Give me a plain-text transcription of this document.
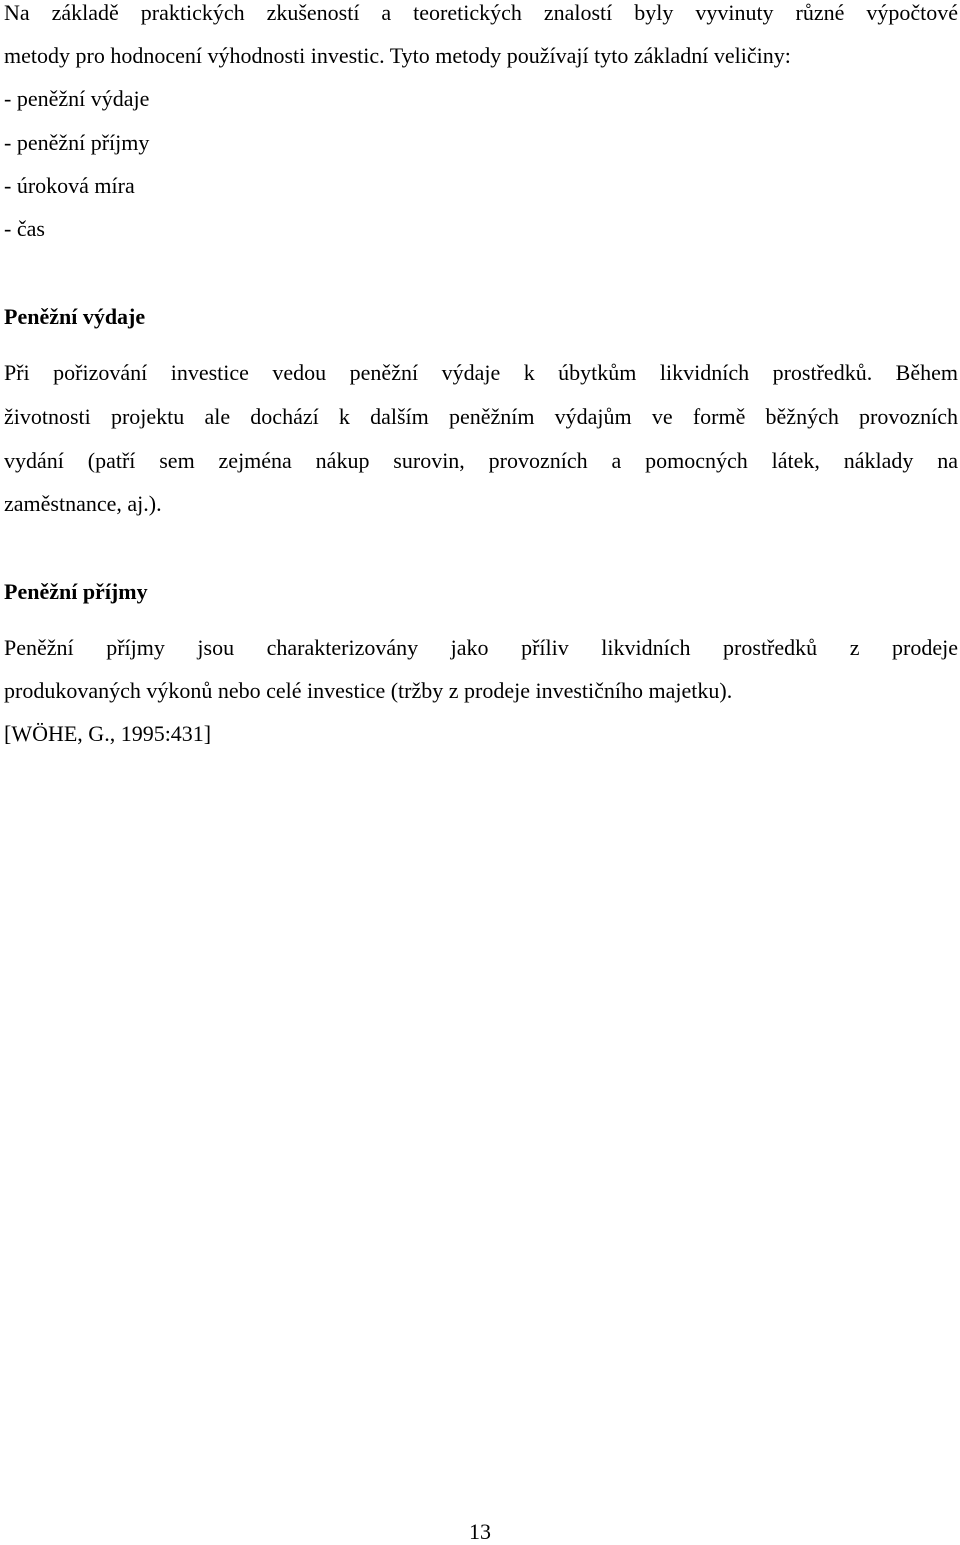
Na základě praktických zkušeností a teoretických znalostí byly vyvinuty různé výpočtové
metody pro hodnocení výhodnosti investic. Tyto metody používají tyto základní veličiny:
- peněžní výdaje
- peněžní příjmy
- úroková míra
- čas
Peněžní výdaje
Při pořizování investice vedou peněžní výdaje k úbytkům likvidních prostředků. Během
životnosti projektu ale dochází k dalším peněžním výdajům ve formě běžných provozních
vydání (patří sem zejména nákup surovin, provozních a pomocných látek, náklady na
zaměstnance, aj.).
Peněžní příjmy
Peněžní příjmy jsou charakterizovány jako příliv likvidních prostředků z prodeje
produkovaných výkonů nebo celé investice (tržby z prodeje investičního majetku).
[WÖHE, G., 1995:431]
13
